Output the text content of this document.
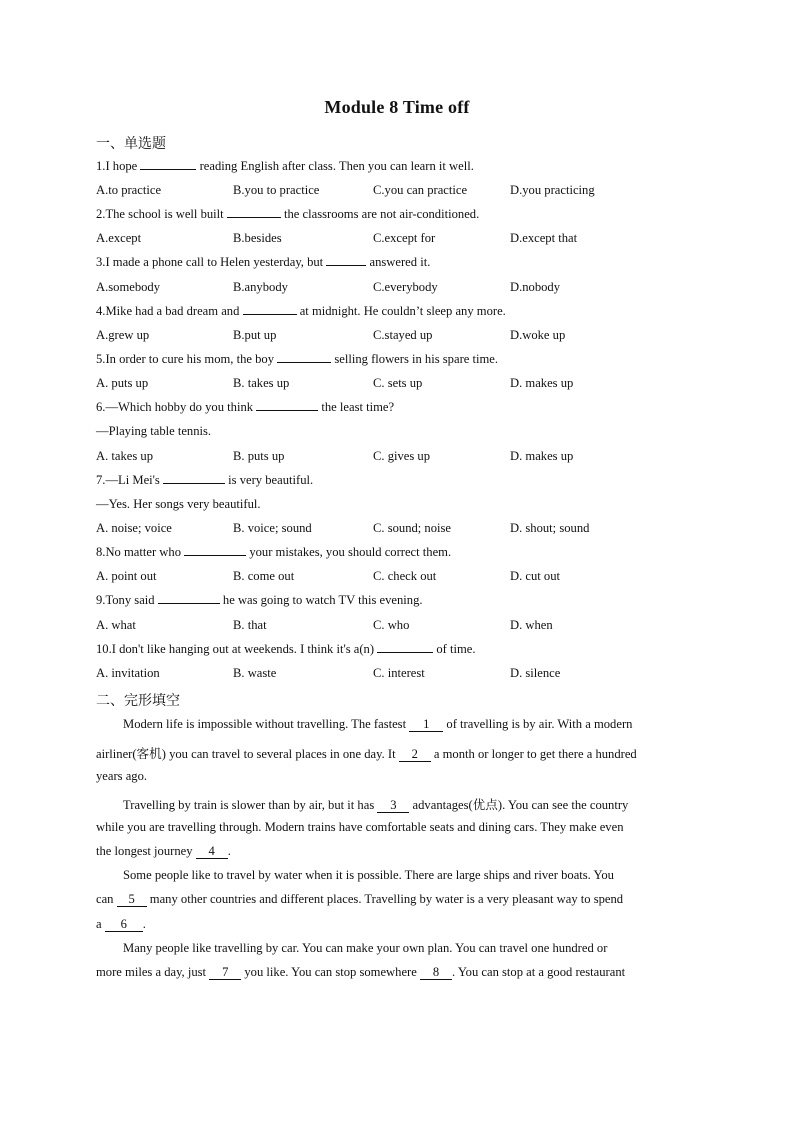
Module 8 Time off
一、单选题
1.I hope	reading English after class. Then you can learn it well.
A.to practice	B.you to practice	C.you can practice	D.you practicing
2.The school is well built	the classrooms are not air-conditioned.
A.except	B.besides	C.except for	D.except that
3.I made a phone call to Helen yesterday, but	answered it.
A.somebody	B.anybody	C.everybody	D.nobody
4.Mike had a bad dream and	at midnight. He couldn’t sleep any more.
A.grew up	B.put up	C.stayed up	D.woke up
5.In order to cure his mom, the boy	selling flowers in his spare time.
A. puts up	B. takes up	C. sets up	D. makes up
6.—Which hobby do you think	the least time?
—Playing table tennis.
A. takes up	B. puts up	C. gives up	D. makes up
7.—Li Mei's	is very beautiful.
—Yes. Her songs very beautiful.
A. noise; voice	B. voice; sound	C. sound; noise	D. shout; sound
8.No matter who	your mistakes, you should correct them.
A. point out	B. come out	C. check out	D. cut out
9.Tony said	he was going to watch TV this evening.
A. what	B. that	C. who	D. when
10.I don't like hanging out at weekends. I think it's a(n)	of time.
A. invitation	B. waste	C. interest	D. silence
二、完形填空
Modern life is impossible without travelling. The fastest 1 of travelling is by air. With a modern
airliner(客机) you can travel to several places in one day. It 2 a month or longer to get there a hundred
years ago.
Travelling by train is slower than by air, but it has 3 advantages(优点). You can see the country
while you are travelling through. Modern trains have comfortable seats and dining cars. They make even
the longest journey 4 .
Some people like to travel by water when it is possible. There are large ships and river boats. You
can 5 many other countries and different places. Travelling by water is a very pleasant way to spend
a 6 .
Many people like travelling by car. You can make your own plan. You can travel one hundred or
more miles a day, just 7 you like. You can stop somewhere 8 . You can stop at a good restaurant
